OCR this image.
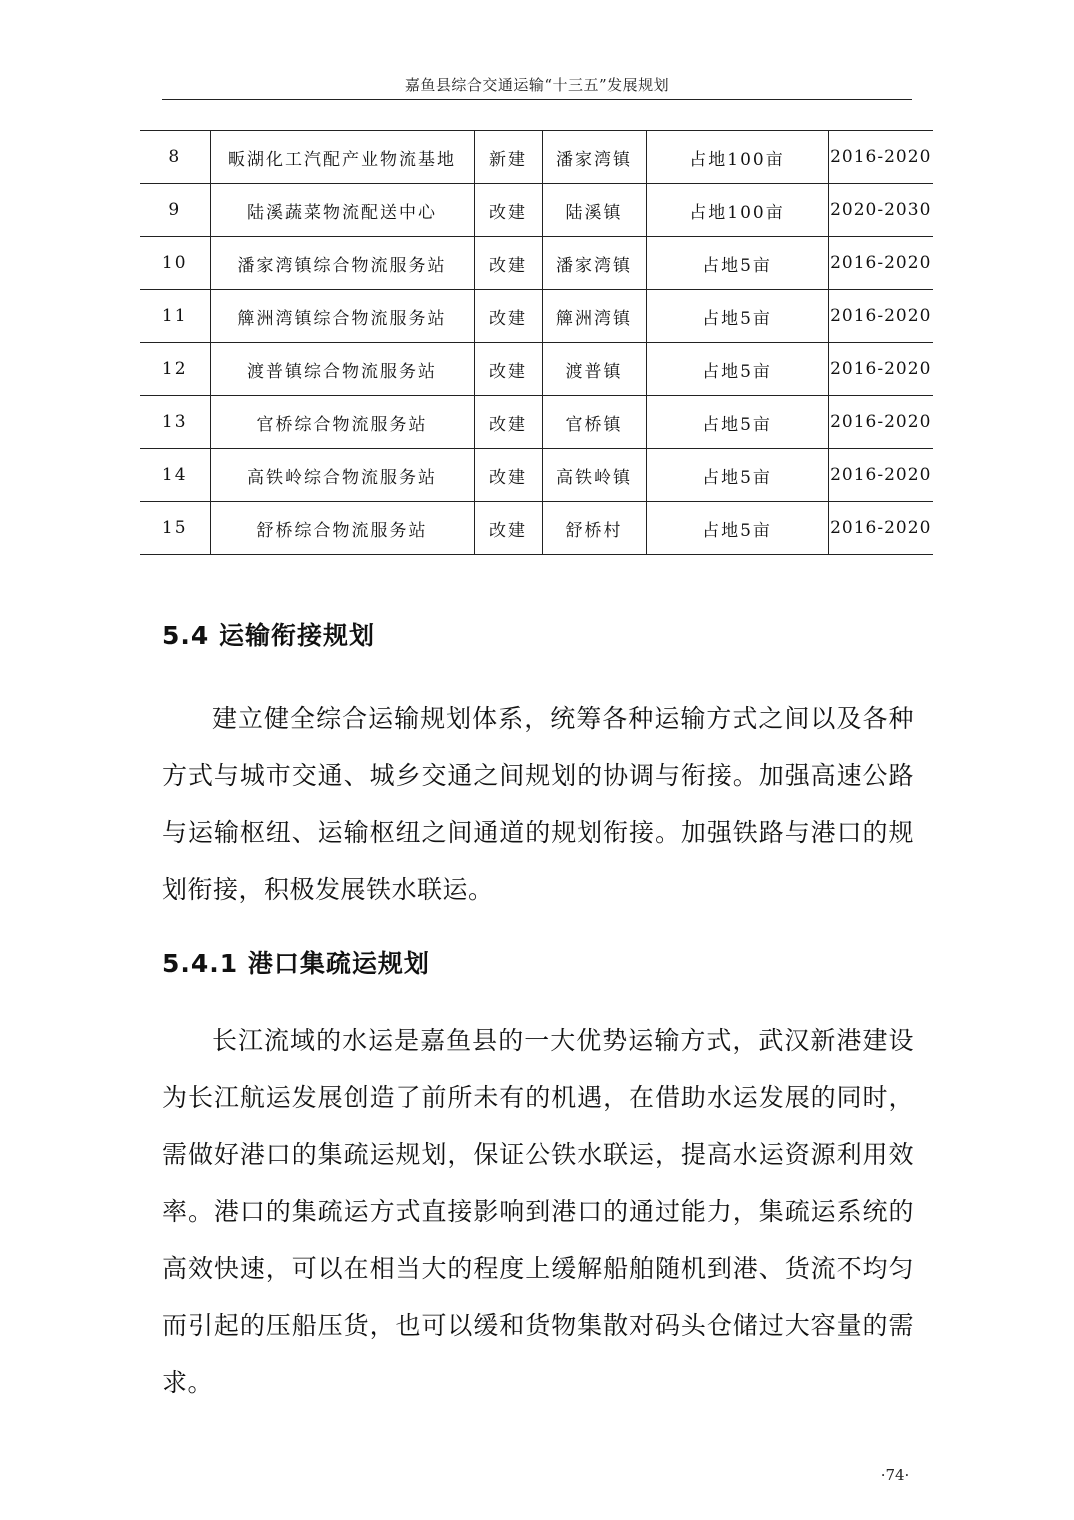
嘉鱼县综合交通运输“十三五”发展规划
8	畈湖化工汽配产业物流基地	新建	潘家湾镇	占地100亩	2016-2020
9	陆溪蔬菜物流配送中心	改建	陆溪镇	占地100亩	2020-2030
10	潘家湾镇综合物流服务站	改建	潘家湾镇	占地5亩	2016-2020
11	簰洲湾镇综合物流服务站	改建	簰洲湾镇	占地5亩	2016-2020
12	渡普镇综合物流服务站	改建	渡普镇	占地5亩	2016-2020
13	官桥综合物流服务站	改建	官桥镇	占地5亩	2016-2020
14	高铁岭综合物流服务站	改建	高铁岭镇	占地5亩	2016-2020
15	舒桥综合物流服务站	改建	舒桥村	占地5亩	2016-2020
5.4 运输衔接规划

建立健全综合运输规划体系，统筹各种运输方式之间以及各种方式与城市交通、城乡交通之间规划的协调与衔接。加强高速公路与运输枢纽、运输枢纽之间通道的规划衔接。加强铁路与港口的规划衔接，积极发展铁水联运。

5.4.1 港口集疏运规划

长江流域的水运是嘉鱼县的一大优势运输方式，武汉新港建设为长江航运发展创造了前所未有的机遇，在借助水运发展的同时，需做好港口的集疏运规划，保证公铁水联运，提高水运资源利用效率。港口的集疏运方式直接影响到港口的通过能力，集疏运系统的高效快速，可以在相当大的程度上缓解船舶随机到港、货流不均匀而引起的压船压货，也可以缓和货物集散对码头仓储过大容量的需求。

·74·
